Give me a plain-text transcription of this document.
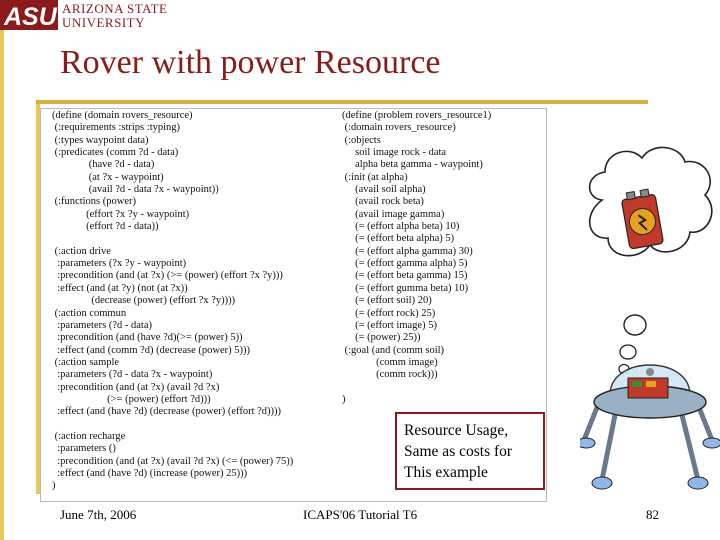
ASU ARIZONA STATE
UNIVERSITY
Rover with power Resource
(define (domain rovers_resource)
(:requirements :strips :typing)
(:types waypoint data)
(:predicates (comm ?d - data)
(have ?d - data)
(at ?x - waypoint)
(avail ?d - data ?x - waypoint))
(:functions (power)
(effort ?x ?y - waypoint)
(effort ?d - data))

(:action drive
:parameters (?x ?y - waypoint)
:precondition (and (at ?x) (>= (power) (effort ?x ?y)))
:effect (and (at ?y) (not (at ?x))
(decrease (power) (effort ?x ?y))))
(:action commun
:parameters (?d - data)
:precondition (and (have ?d)(>= (power) 5))
:effect (and (comm ?d) (decrease (power) 5)))
(:action sample
:parameters (?d - data ?x - waypoint)
:precondition (and (at ?x) (avail ?d ?x)
(>= (power) (effort ?d)))
:effect (and (have ?d) (decrease (power) (effort ?d))))

(:action recharge
:parameters ()
:precondition (and (at ?x) (avail ?d ?x) (<= (power) 75))
:effect (and (have ?d) (increase (power) 25)))
)
(define (problem rovers_resource1)
(:domain rovers_resource)
(:objects
soil image rock - data
alpha beta gamma - waypoint)
(:init (at alpha)
(avail soil alpha)
(avail rock beta)
(avail image gamma)
(= (effort alpha beta) 10)
(= (effort beta alpha) 5)
(= (effort alpha gamma) 30)
(= (effort gamma alpha) 5)
(= (effort beta gamma) 15)
(= (effort gumma beta) 10)
(= (effort soil) 20)
(= (effort rock) 25)
(= (effort image) 5)
(= (power) 25))
(:goal (and (comm soil)
(comm image)
(comm rock)))

)
Resource Usage,
Same as costs for
This example
June 7th, 2006	ICAPS'06 Tutorial T6	82
